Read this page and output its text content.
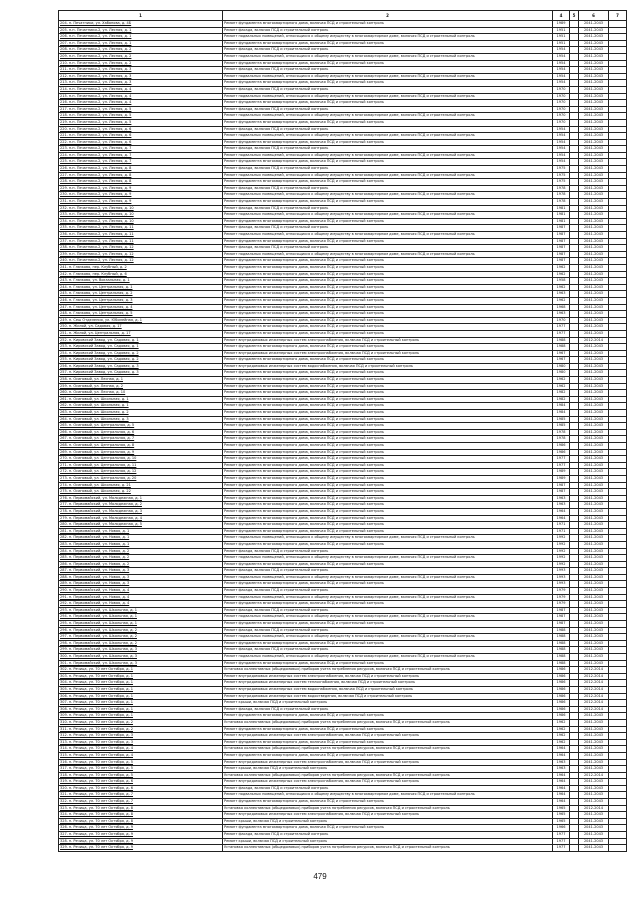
1	2	4	5	6	7
204. п. Печатники, ул. Хабанова, д. 4Б	Ремонт фундамента многоквартирного дома, включая ПСД и строительный контроль	1989		2041-2043	
205. п.п. Печатники-2, ул. Лесная, д. 1	Ремонт фасада, включая ПСД и строительный контроль	1951		2041-2043	
206. п.п. Печатники-2, ул. Лесная, д. 1	Ремонт подвальных помещений, относящихся к общему имуществу в многоквартирном доме, включая ПСД и строительный контроль	1951		2041-2043	
207. п.п. Печатники-2, ул. Лесная, д. 1	Ремонт фундамента многоквартирного дома, включая ПСД и строительный контроль	1951		2041-2043	
208. п.п. Печатники-2, ул. Лесная, д. 2	Ремонт фасада, включая ПСД и строительный контроль	1954		2041-2043	
209. п.п. Печатники-2, ул. Лесная, д. 2	Ремонт подвальных помещений, относящихся к общему имуществу в многоквартирном доме, включая ПСД и строительный контроль	1954		2041-2043	
210. п.п. Печатники-2, ул. Лесная, д. 2	Ремонт фундамента многоквартирного дома, включая ПСД и строительный контроль	1954		2041-2043	
211. п.п. Печатники-2, ул. Лесная, д. 3	Ремонт фасада, включая ПСД и строительный контроль	1954		2041-2043	
212. п.п. Печатники-2, ул. Лесная, д. 3	Ремонт подвальных помещений, относящихся к общему имуществу в многоквартирном доме, включая ПСД и строительный контроль	1954		2041-2043	
213. п.п. Печатники-2, ул. Лесная, д. 3	Ремонт фундамента многоквартирного дома, включая ПСД и строительный контроль	1954		2041-2043	
214. п.п. Печатники-2, ул. Лесная, д. 4	Ремонт фасада, включая ПСД и строительный контроль	1970		2041-2043	
215. п.п. Печатники-2, ул. Лесная, д. 4	Ремонт подвальных помещений, относящихся к общему имуществу в многоквартирном доме, включая ПСД и строительный контроль	1970		2041-2043	
216. п.п. Печатники-2, ул. Лесная, д. 4	Ремонт фундамента многоквартирного дома, включая ПСД и строительный контроль	1970		2041-2043	
217. п.п. Печатники-2, ул. Лесная, д. 5	Ремонт фасада, включая ПСД и строительный контроль	1970		2041-2043	
218. п.п. Печатники-2, ул. Лесная, д. 5	Ремонт подвальных помещений, относящихся к общему имуществу в многоквартирном доме, включая ПСД и строительный контроль	1970		2041-2043	
219. п.п. Печатники-2, ул. Лесная, д. 5	Ремонт фундамента многоквартирного дома, включая ПСД и строительный контроль	1970		2041-2043	
220. п.п. Печатники-2, ул. Лесная, д. 6	Ремонт фасада, включая ПСД и строительный контроль	1954		2041-2043	
221. п.п. Печатники-2, ул. Лесная, д. 6	Ремонт подвальных помещений, относящихся к общему имуществу в многоквартирном доме, включая ПСД и строительный контроль	1954		2041-2043	
222. п.п. Печатники-2, ул. Лесная, д. 6	Ремонт фундамента многоквартирного дома, включая ПСД и строительный контроль	1954		2041-2043	
223. п.п. Печатники-2, ул. Лесная, д. 7	Ремонт фасада, включая ПСД и строительный контроль	1954		2041-2043	
224. п.п. Печатники-2, ул. Лесная, д. 7	Ремонт подвальных помещений, относящихся к общему имуществу в многоквартирном доме, включая ПСД и строительный контроль	1954		2041-2043	
225. п.п. Печатники-2, ул. Лесная, д. 7	Ремонт фундамента многоквартирного дома, включая ПСД и строительный контроль	1954		2041-2043	
226. п.п. Печатники-2, ул. Лесная, д. 8	Ремонт фасада, включая ПСД и строительный контроль	1975		2041-2043	
227. п.п. Печатники-2, ул. Лесная, д. 8	Ремонт подвальных помещений, относящихся к общему имуществу в многоквартирном доме, включая ПСД и строительный контроль	1975		2041-2043	
228. п.п. Печатники-2, ул. Лесная, д. 8	Ремонт фундамента многоквартирного дома, включая ПСД и строительный контроль	1975		2041-2043	
229. п.п. Печатники-2, ул. Лесная, д. 9	Ремонт фасада, включая ПСД и строительный контроль	1978		2041-2043	
230. п.п. Печатники-2, ул. Лесная, д. 9	Ремонт подвальных помещений, относящихся к общему имуществу в многоквартирном доме, включая ПСД и строительный контроль	1978		2041-2043	
231. п.п. Печатники-2, ул. Лесная, д. 9	Ремонт фундамента многоквартирного дома, включая ПСД и строительный контроль	1978		2041-2043	
232. п.п. Печатники-2, ул. Лесная, д. 10	Ремонт фасада, включая ПСД и строительный контроль	1981		2041-2043	
233. п.п. Печатники-2, ул. Лесная, д. 10	Ремонт подвальных помещений, относящихся к общему имуществу в многоквартирном доме, включая ПСД и строительный контроль	1981		2041-2043	
234. п.п. Печатники-2, ул. Лесная, д. 10	Ремонт фундамента многоквартирного дома, включая ПСД и строительный контроль	1981		2041-2043	
235. п.п. Печатники-2, ул. Лесная, д. 11	Ремонт фасада, включая ПСД и строительный контроль	1987		2041-2043	
236. п.п. Печатники-2, ул. Лесная, д. 11	Ремонт подвальных помещений, относящихся к общему имуществу в многоквартирном доме, включая ПСД и строительный контроль	1987		2041-2043	
237. п.п. Печатники-2, ул. Лесная, д. 11	Ремонт фундамента многоквартирного дома, включая ПСД и строительный контроль	1987		2041-2043	
238. п.п. Печатники-2, ул. Лесная, д. 12	Ремонт фасада, включая ПСД и строительный контроль	1987		2041-2043	
239. п.п. Печатники-2, ул. Лесная, д. 12	Ремонт подвальных помещений, относящихся к общему имуществу в многоквартирном доме, включая ПСД и строительный контроль	1987		2041-2043	
240. п.п. Печатники-2, ул. Лесная, д. 12	Ремонт фундамента многоквартирного дома, включая ПСД и строительный контроль	1987		2041-2043	
241. п. Глазково, пер. Клубный, д. 2	Ремонт фундамента многоквартирного дома, включая ПСД и строительный контроль	1962		2041-2043	
242. п. Глазково, пер. Клубный, д. 6	Ремонт фундамента многоквартирного дома, включая ПСД и строительный контроль	1962		2041-2043	
243. п. Глазково, ул. Вокзальная, д. 1	Ремонт фундамента многоквартирного дома, включая ПСД и строительный контроль	1958		2041-2043	
244. п. Глазково, ул. Центральная, д. 1	Ремонт фундамента многоквартирного дома, включая ПСД и строительный контроль	1962		2041-2043	
245. п. Глазково, ул. Центральная, д. 2	Ремонт фундамента многоквартирного дома, включая ПСД и строительный контроль	1963		2041-2043	
246. п. Глазково, ул. Центральная, д. 3	Ремонт фундамента многоквартирного дома, включая ПСД и строительный контроль	1962		2041-2043	
247. п. Глазково, ул. Центральная, д. 4	Ремонт фундамента многоквартирного дома, включая ПСД и строительный контроль	1968		2041-2043	
248. п. Глазково, ул. Центральная, д. 5	Ремонт фундамента многоквартирного дома, включая ПСД и строительный контроль	1963		2041-2043	
249. п. Сеш Отделения, ул. Юбилейная, д. 1	Ремонт фундамента многоквартирного дома, включая ПСД и строительный контроль	1970		2041-2043	
250. п. Жилой, ул. Садовая, д. 17	Ремонт фундамента многоквартирного дома, включая ПСД и строительный контроль	1977		2041-2043	
251. п. Жилой, ул. Центральная, д. 17	Ремонт фундамента многоквартирного дома, включая ПСД и строительный контроль	1977		2041-2043	
252. п. Кировский Завод, ул. Садовая, д. 1	Ремонт внутридомовых инженерных систем электроснабжения, включая ПСД и строительный контроль	1988		2012-2014	
253. п. Кировский Завод, ул. Садовая, д. 1	Ремонт фундамента многоквартирного дома, включая ПСД и строительный контроль	1988		2041-2043	
254. п. Кировский Завод, ул. Садовая, д. 2	Ремонт внутридомовых инженерных систем электроснабжения, включая ПСД и строительный контроль	1967		2041-2043	
255. п. Кировский Завод, ул. Садовая, д. 2	Ремонт фундамента многоквартирного дома, включая ПСД и строительный контроль	1967		2041-2043	
256. п. Кировский Завод, ул. Садовая, д. 3	Ремонт внутридомовых инженерных систем водоснабжения, включая ПСД и строительный контроль	1980		2041-2043	
257. п. Кировский Завод, ул. Садовая, д. 3	Ремонт фундамента многоквартирного дома, включая ПСД и строительный контроль	1980		2041-2043	
258. п. Осиновый, ул. Лесная, д. 1	Ремонт фундамента многоквартирного дома, включая ПСД и строительный контроль	1962		2041-2043	
259. п. Осиновый, ул. Лесная, д. 2	Ремонт фундамента многоквартирного дома, включая ПСД и строительный контроль	1962		2041-2043	
260. п. Осиновый, ул. Лесная, д. 10	Ремонт фундамента многоквартирного дома, включая ПСД и строительный контроль	1982		2041-2043	
261. п. Осиновый, ул. Школьная, д. 1	Ремонт фундамента многоквартирного дома, включая ПСД и строительный контроль	1982		2041-2043	
262. п. Осиновый, ул. Школьная, д. 1	Ремонт фундамента многоквартирного дома, включая ПСД и строительный контроль	1984		2041-2043	
263. п. Осиновый, ул. Школьная, д. 2	Ремонт фундамента многоквартирного дома, включая ПСД и строительный контроль	1984		2041-2043	
264. п. Осиновый, ул. Школьная, д. 3	Ремонт фундамента многоквартирного дома, включая ПСД и строительный контроль	1985		2041-2043	
265. п. Осиновый, ул. Центральная, д. 5	Ремонт фундамента многоквартирного дома, включая ПСД и строительный контроль	1985		2041-2043	
266. п. Осиновый, ул. Центральная, д. 6	Ремонт фундамента многоквартирного дома, включая ПСД и строительный контроль	1978		2041-2043	
267. п. Осиновый, ул. Центральная, д. 7	Ремонт фундамента многоквартирного дома, включая ПСД и строительный контроль	1978		2041-2043	
268. п. Осиновый, ул. Центральная, д. 8	Ремонт фундамента многоквартирного дома, включая ПСД и строительный контроль	1986		2041-2043	
269. п. Осиновый, ул. Центральная, д. 9	Ремонт фундамента многоквартирного дома, включая ПСД и строительный контроль	1986		2041-2043	
270. п. Осиновый, ул. Центральная, д. 10	Ремонт фундамента многоквартирного дома, включая ПСД и строительный контроль	1977		2041-2043	
271. п. Осиновый, ул. Центральная, д. 11	Ремонт фундамента многоквартирного дома, включая ПСД и строительный контроль	1977		2041-2043	
272. п. Осиновый, ул. Центральная, д. 12	Ремонт фундамента многоквартирного дома, включая ПСД и строительный контроль	1989		2041-2043	
273. п. Осиновый, ул. Центральная, д. 20	Ремонт фундамента многоквартирного дома, включая ПСД и строительный контроль	1989		2041-2043	
274. п. Осиновый, ул. Школьная, д. 21	Ремонт фундамента многоквартирного дома, включая ПСД и строительный контроль	1987		2041-2043	
275. п. Осиновый, ул. Школьная, д. 22	Ремонт фундамента многоквартирного дома, включая ПСД и строительный контроль	1987		2041-2043	
276. п. Первомайский, ул. Молодежная, д. 1	Ремонт фундамента многоквартирного дома, включая ПСД и строительный контроль	1963		2041-2043	
277. п. Первомайский, ул. Молодежная, д. 2	Ремонт фундамента многоквартирного дома, включая ПСД и строительный контроль	1963		2041-2043	
278. п. Первомайский, ул. Молодежная, д. 3	Ремонт фундамента многоквартирного дома, включая ПСД и строительный контроль	1964		2041-2043	
279. п. Первомайский, ул. Молодежная, д. 4	Ремонт фундамента многоквартирного дома, включая ПСД и строительный контроль	1964		2041-2043	
280. п. Первомайский, ул. Молодежная, д. 5	Ремонт фундамента многоквартирного дома, включая ПСД и строительный контроль	1971		2041-2043	
281. п. Первомайский, ул. Новая, д. 1	Ремонт фундамента многоквартирного дома, включая ПСД и строительный контроль	1971		2041-2043	
282. п. Первомайский, ул. Новая, д. 1	Ремонт подвальных помещений, относящихся к общему имуществу в многоквартирном доме, включая ПСД и строительный контроль	1992		2041-2043	
283. п. Первомайский, ул. Новая, д. 1	Ремонт фундамента многоквартирного дома, включая ПСД и строительный контроль	1992		2041-2043	
284. п. Первомайский, ул. Новая, д. 2	Ремонт фасада, включая ПСД и строительный контроль	1992		2041-2043	
285. п. Первомайский, ул. Новая, д. 2	Ремонт подвальных помещений, относящихся к общему имуществу в многоквартирном доме, включая ПСД и строительный контроль	1992		2041-2043	
286. п. Первомайский, ул. Новая, д. 2	Ремонт фундамента многоквартирного дома, включая ПСД и строительный контроль	1992		2041-2043	
287. п. Первомайский, ул. Новая, д. 3	Ремонт фасада, включая ПСД и строительный контроль	1993		2041-2043	
288. п. Первомайский, ул. Новая, д. 3	Ремонт подвальных помещений, относящихся к общему имуществу в многоквартирном доме, включая ПСД и строительный контроль	1993		2041-2043	
289. п. Первомайский, ул. Новая, д. 3	Ремонт фундамента многоквартирного дома, включая ПСД и строительный контроль	1993		2041-2043	
290. п. Первомайский, ул. Новая, д. 4	Ремонт фасада, включая ПСД и строительный контроль	1979		2041-2043	
291. п. Первомайский, ул. Новая, д. 4	Ремонт подвальных помещений, относящихся к общему имуществу в многоквартирном доме, включая ПСД и строительный контроль	1979		2041-2043	
292. п. Первомайский, ул. Новая, д. 4	Ремонт фундамента многоквартирного дома, включая ПСД и строительный контроль	1979		2041-2043	
293. п. Первомайский, ул. Школьная, д. 1	Ремонт фасада, включая ПСД и строительный контроль	1987		2041-2043	
294. п. Первомайский, ул. Школьная, д. 1	Ремонт подвальных помещений, относящихся к общему имуществу в многоквартирном доме, включая ПСД и строительный контроль	1987		2041-2043	
295. п. Первомайский, ул. Школьная, д. 1	Ремонт фундамента многоквартирного дома, включая ПСД и строительный контроль	1987		2041-2043	
296. п. Первомайский, ул. Школьная, д. 2	Ремонт фасада, включая ПСД и строительный контроль	1988		2041-2043	
297. п. Первомайский, ул. Школьная, д. 2	Ремонт подвальных помещений, относящихся к общему имуществу в многоквартирном доме, включая ПСД и строительный контроль	1988		2041-2043	
298. п. Первомайский, ул. Школьная, д. 2	Ремонт фундамента многоквартирного дома, включая ПСД и строительный контроль	1988		2041-2043	
299. п. Первомайский, ул. Школьная, д. 3	Ремонт фасада, включая ПСД и строительный контроль	1988		2041-2043	
300. п. Первомайский, ул. Школьная, д. 3	Ремонт подвальных помещений, относящихся к общему имуществу в многоквартирном доме, включая ПСД и строительный контроль	1988		2041-2043	
301. п. Первомайский, ул. Школьная, д. 3	Ремонт фундамента многоквартирного дома, включая ПСД и строительный контроль	1988		2041-2043	
302. п. Речица, ул. 70 лет Октября, д. 1	Установка коллективных (общедомовых) приборов учета потребления ресурсов, включая ПСД и строительный контроль	1986		2012-2014	
303. п. Речица, ул. 70 лет Октября, д. 1	Ремонт внутридомовых инженерных систем электроснабжения, включая ПСД и строительный контроль	1986		2012-2014	
304. п. Речица, ул. 70 лет Октября, д. 1	Ремонт внутридомовых инженерных систем теплоснабжения, включая ПСД и строительный контроль	1986		2012-2014	
305. п. Речица, ул. 70 лет Октября, д. 1	Ремонт внутридомовых инженерных систем водоснабжения, включая ПСД и строительный контроль	1986		2012-2014	
306. п. Речица, ул. 70 лет Октября, д. 1	Ремонт внутридомовых инженерных систем водоотведения, включая ПСД и строительный контроль	1986		2012-2014	
307. п. Речица, ул. 70 лет Октября, д. 1	Ремонт крыши, включая ПСД и строительный контроль	1986		2012-2014	
308. п. Речица, ул. 70 лет Октября, д. 1	Ремонт фасада, включая ПСД и строительный контроль	1986		2012-2014	
309. п. Речица, ул. 70 лет Октября, д. 1	Ремонт фундамента многоквартирного дома, включая ПСД и строительный контроль	1986		2041-2043	
310. п. Речица, ул. 70 лет Октября, д. 2	Установка коллективных (общедомовых) приборов учета потребления ресурсов, включая ПСД и строительный контроль	1962		2041-2043	
311. п. Речица, ул. 70 лет Октября, д. 2	Ремонт фундамента многоквартирного дома, включая ПСД и строительный контроль	1962		2041-2043	
312. п. Речица, ул. 70 лет Октября, д. 3	Ремонт внутридомовых инженерных систем электроснабжения, включая ПСД и строительный контроль	1962		2041-2043	
313. п. Речица, ул. 70 лет Октября, д. 3	Ремонт фундамента многоквартирного дома, включая ПСД и строительный контроль	1962		2041-2043	
314. п. Речица, ул. 70 лет Октября, д. 4	Установка коллективных (общедомовых) приборов учета потребления ресурсов, включая ПСД и строительный контроль	1964		2041-2043	
315. п. Речица, ул. 70 лет Октября, д. 4	Ремонт фундамента многоквартирного дома, включая ПСД и строительный контроль	1964		2041-2043	
316. п. Речица, ул. 70 лет Октября, д. 5	Ремонт внутридомовых инженерных систем электроснабжения, включая ПСД и строительный контроль	1963		2041-2043	
317. п. Речица, ул. 70 лет Октября, д. 5	Ремонт крыши, включая ПСД и строительный контроль	1963		2041-2043	
318. п. Речица, ул. 70 лет Октября, д. 5	Установка коллективных (общедомовых) приборов учета потребления ресурсов, включая ПСД и строительный контроль	1964		2012-2014	
319. п. Речица, ул. 70 лет Октября, д. 6	Ремонт внутридомовых инженерных систем электроснабжения, включая ПСД и строительный контроль	1964		2041-2043	
320. п. Речица, ул. 70 лет Октября, д. 6	Ремонт фасада, включая ПСД и строительный контроль	1964		2041-2043	
321. п. Речица, ул. 70 лет Октября, д. 7	Ремонт подвальных помещений, относящихся к общему имуществу в многоквартирном доме, включая ПСД и строительный контроль	1964		2041-2043	
322. п. Речица, ул. 70 лет Октября, д. 7	Ремонт фундамента многоквартирного дома, включая ПСД и строительный контроль	1964		2041-2043	
323. п. Речица, ул. 70 лет Октября, д. 8	Установка коллективных (общедомовых) приборов учета потребления ресурсов, включая ПСД и строительный контроль	1965		2012-2014	
324. п. Речица, ул. 70 лет Октября, д. 8	Ремонт внутридомовых инженерных систем электроснабжения, включая ПСД и строительный контроль	1965		2041-2043	
325. п. Речица, ул. 70 лет Октября, д. 8	Ремонт крыши, включая ПСД и строительный контроль	1965		2041-2043	
326. п. Речица, ул. 70 лет Октября, д. 9	Ремонт фундамента многоквартирного дома, включая ПСД и строительный контроль	1966		2041-2043	
327. п. Речица, ул. 70 лет Октября, д. 9	Ремонт фасада, включая ПСД и строительный контроль	1977		2041-2043	
328. п. Речица, ул. 70 лет Октября, д. 9	Ремонт крыши, включая ПСД и строительный контроль	1977		2041-2043	
329. п. Речица, ул. 70 лет Октября, д. 9	Установка коллективных (общедомовых) приборов учета потребления ресурсов, включая ПСД и строительный контроль	1977		2041-2043	
479
